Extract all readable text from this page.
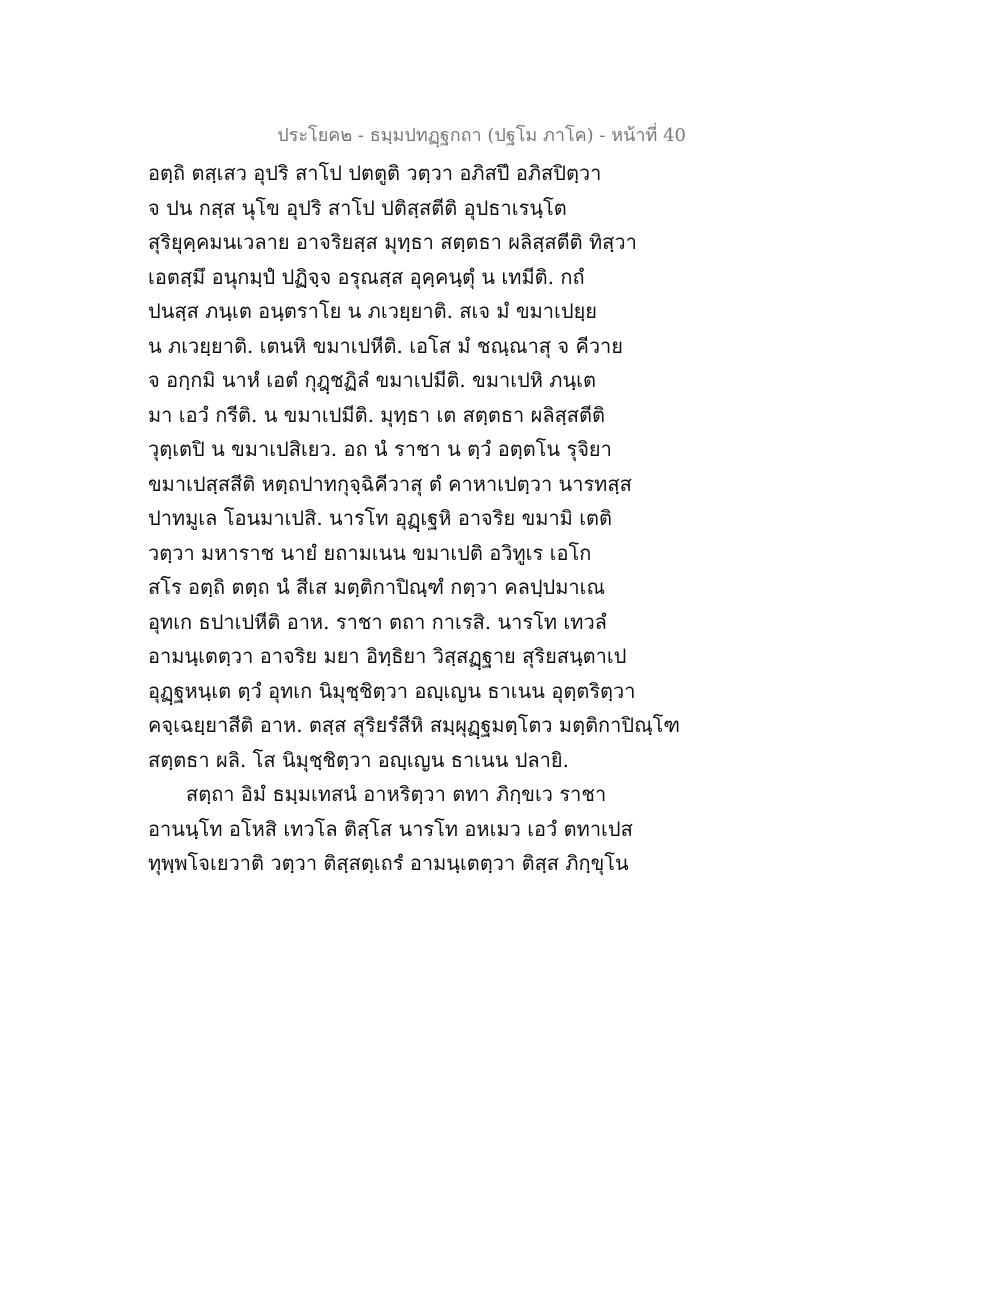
ประโยค๒ - ธมฺมปทฏฺฐกถา (ปฐโม ภาโค) - หน้าที่ 40
อตฺถิ ตสฺเสว อุปริ สาโป ปตตูติ วตฺวา อภิสปึ อภิสปิตฺวา
จ ปน กสฺส นุโข อุปริ สาโป ปติสฺสตีติ อุปธาเรนฺโต
สุริยุคฺคมนเวลาย อาจริยสฺส มุทฺธา สตฺตธา ผลิสฺสตีติ ทิสฺวา
เอตสฺมึ อนุกมฺปํ ปฏิจฺจ อรุณสฺส อุคฺคนฺตุํ น เทมีติ. กถํ
ปนสฺส ภนฺเต อนฺตราโย น ภเวยฺยาติ. สเจ มํ ขมาเปยฺย
น ภเวยฺยาติ. เตนหิ ขมาเปหีติ. เอโส มํ ชณฺณาสุ จ คีวาย
จ อกฺกมิ นาหํ เอตํ กุฎฺชฏิลํ ขมาเปมีติ. ขมาเปหิ ภนฺเต
มา เอวํ กรีติ. น ขมาเปมีติ. มุทฺธา เต สตฺตธา ผลิสฺสตีติ
วุตฺเตปิ น ขมาเปสิเยว. อถ นํ ราชา น ตฺวํ อตฺตโน รุจิยา
ขมาเปสฺสสีติ หตฺถปาทกุจฺฉิคีวาสุ ตํ คาหาเปตฺวา นารทสฺส
ปาทมูเล โอนมาเปสิ. นารโท อุฏฺเฐหิ อาจริย ขมามิ เตติ
วตฺวา มหาราช นายํ ยถามเนน ขมาเปติ อวิทูเร เอโก
สโร อตฺถิ ตตฺถ นํ สีเส มตฺติกาปิณฺฑํ กตฺวา คลปฺปมาเณ
อุทเก ธปาเปหีติ อาห. ราชา ตถา กาเรสิ. นารโท เทวลํ
อามนฺเตตฺวา อาจริย มยา อิทฺธิยา วิสฺสฏฺฐาย สุริยสนฺตาเป
อุฏฺฐหนฺเต ตฺวํ อุทเก นิมุชฺชิตฺวา อญฺเญน ธาเนน อุตฺตริตฺวา
คจฺเฉยฺยาสีติ อาห. ตสฺส สุริยรํสีหิ สมฺผุฏฺฐมตฺโตว มตฺติกาปิณฺโฑ
สตฺตธา ผลิ. โส นิมุชฺชิตฺวา อญฺเญน ธาเนน ปลายิ.
สตฺถา อิมํ ธมฺมเทสนํ อาหริตฺวา ตทา ภิกฺขเว ราชา
อานนฺโท อโหสิ เทวโล ติสฺโส นารโท อหเมว เอวํ ตทาเปส
ทุพฺพโจเยวาติ วตฺวา ติสฺสตฺเถรํ อามนฺเตตฺวา ติสฺส ภิกฺขุโน
